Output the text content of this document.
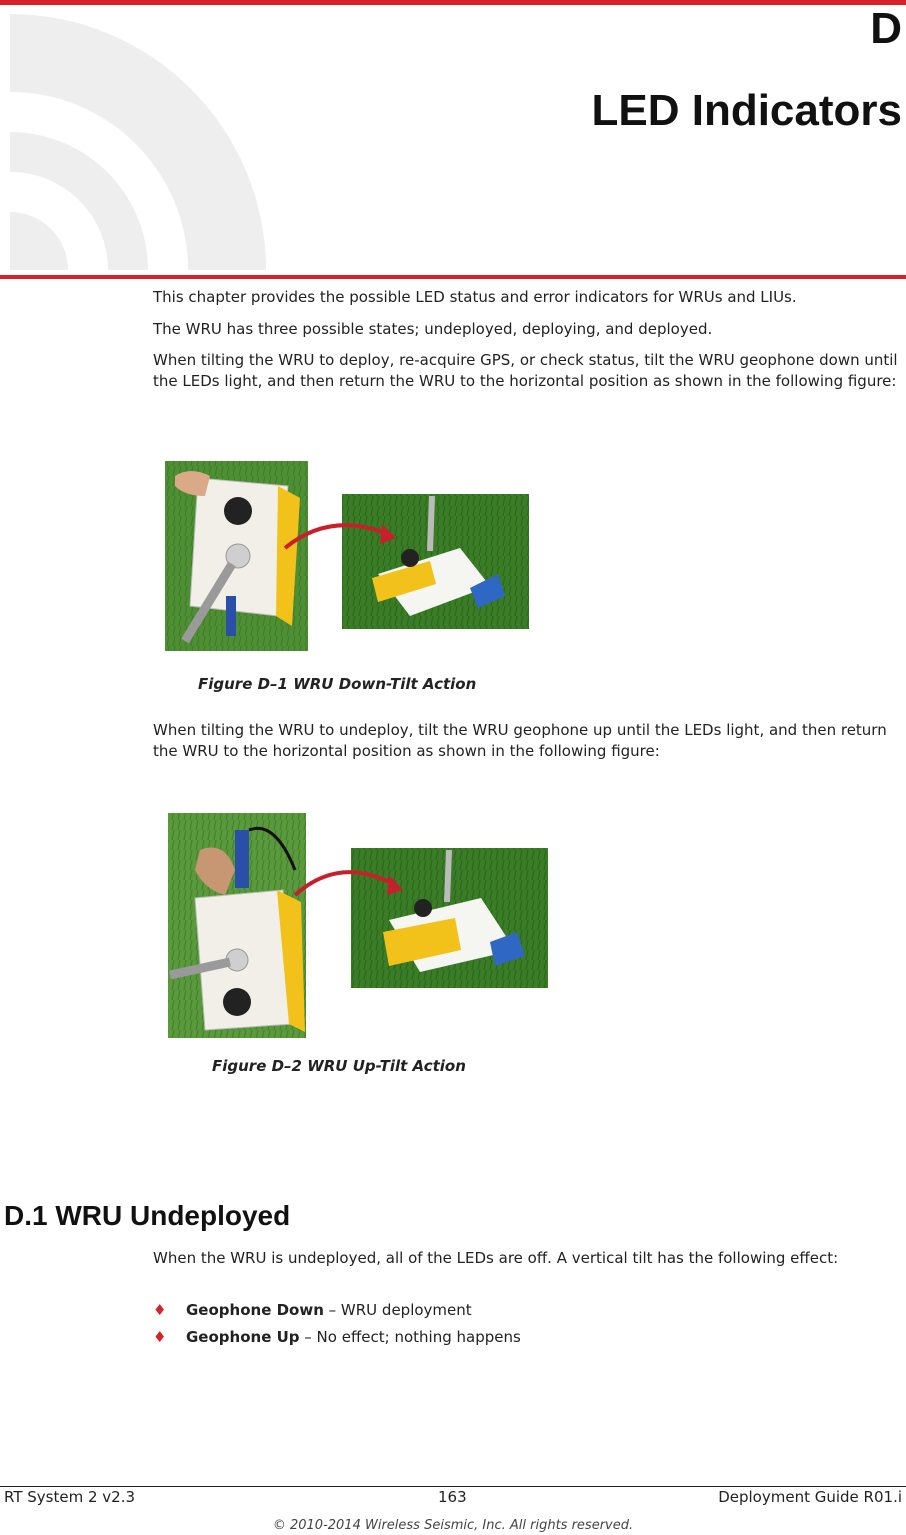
D
LED Indicators

This chapter provides the possible LED status and error indicators for WRUs and LIUs.

The WRU has three possible states; undeployed, deploying, and deployed.

When tilting the WRU to deploy, re-acquire GPS, or check status, tilt the WRU geophone down until the LEDs light, and then return the WRU to the horizontal position as shown in the following figure:

Figure D–1 WRU Down-Tilt Action

When tilting the WRU to undeploy, tilt the WRU geophone up until the LEDs light, and then return the WRU to the horizontal position as shown in the following figure:

Figure D–2 WRU Up-Tilt Action
D.1 WRU Undeployed

When the WRU is undeployed, all of the LEDs are off. A vertical tilt has the following effect:

♦ Geophone Down – WRU deployment
♦ Geophone Up – No effect; nothing happens
RT System 2 v2.3	163	Deployment Guide R01.i
© 2010-2014 Wireless Seismic, Inc. All rights reserved.
